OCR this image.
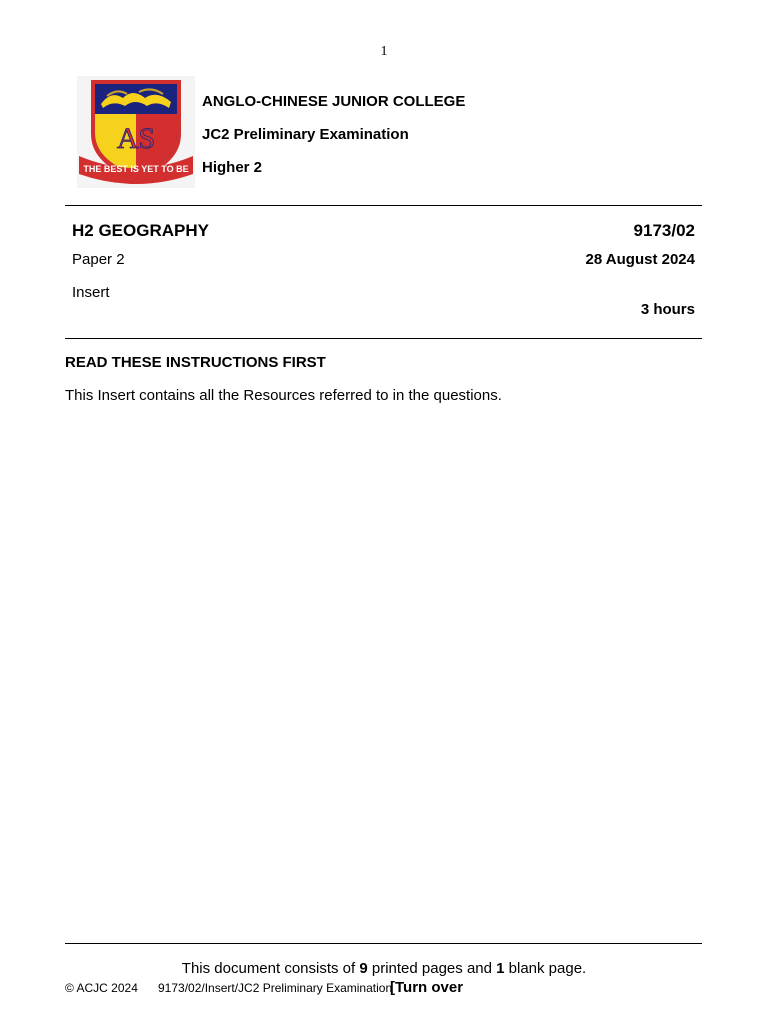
1
AS
THE BEST IS YET TO BE
ANGLO-CHINESE JUNIOR COLLEGE
JC2 Preliminary Examination
Higher 2
H2 GEOGRAPHY	9173/02
Paper 2	28 August 2024
Insert
3 hours
READ THESE INSTRUCTIONS FIRST
This Insert contains all the Resources referred to in the questions.
This document consists of 9 printed pages and 1 blank page.
© ACJC 2024 9173/02/Insert/JC2 Preliminary Examination
[Turn over
